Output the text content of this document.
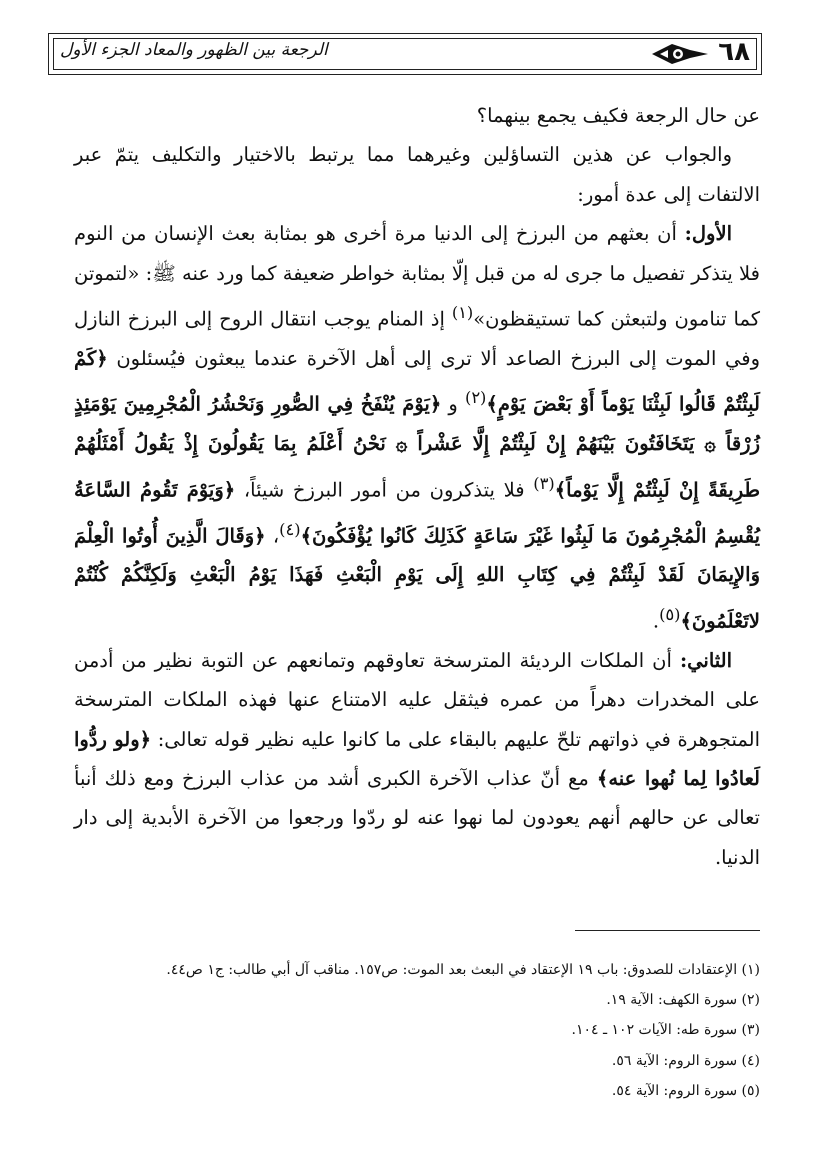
٦٨
الرجعة بين الظهور والمعاد الجزء الأول

عن حال الرجعة فكيف يجمع بينهما؟

والجواب عن هذين التساؤلين وغيرهما مما يرتبط بالاختيار والتكليف يتمّ عبر الالتفات إلى عدة أمور:

الأول: أن بعثهم من البرزخ إلى الدنيا مرة أخرى هو بمثابة بعث الإنسان من النوم فلا يتذكر تفصيل ما جرى له من قبل إلّا بمثابة خواطر ضعيفة كما ورد عنه ﷺ: «لتموتن كما تنامون ولتبعثن كما تستيقظون»$^{(١)}$ إذ المنام يوجب انتقال الروح إلى البرزخ النازل وفي الموت إلى البرزخ الصاعد ألا ترى إلى أهل الآخرة عندما يبعثون فيُسئلون ﴿كَمْ لَبِثْتُمْ قَالُوا لَبِثْنَا يَوْماً أَوْ بَعْضَ يَوْمٍ﴾$^{(٢)}$ و ﴿يَوْمَ يُنْفَخُ فِي الصُّورِ وَنَحْشُرُ الْمُجْرِمِينَ يَوْمَئِذٍ زُرْقاً ۞ يَتَخَافَتُونَ بَيْنَهُمْ إِنْ لَبِثْتُمْ إِلَّا عَشْراً ۞ نَحْنُ أَعْلَمُ بِمَا يَقُولُونَ إِذْ يَقُولُ أَمْثَلُهُمْ طَرِيقَةً إِنْ لَبِثْتُمْ إِلَّا يَوْماً﴾$^{(٣)}$ فلا يتذكرون من أمور البرزخ شيئاً، ﴿وَيَوْمَ تَقُومُ السَّاعَةُ يُقْسِمُ الْمُجْرِمُونَ مَا لَبِثُوا غَيْرَ سَاعَةٍ كَذَلِكَ كَانُوا يُؤْفَكُونَ﴾$^{(٤)}$، ﴿وَقَالَ الَّذِينَ أُوتُوا الْعِلْمَ وَالإِيمَانَ لَقَدْ لَبِثْتُمْ فِي كِتَابِ اللهِ إِلَى يَوْمِ الْبَعْثِ فَهَذَا يَوْمُ الْبَعْثِ وَلَكِنَّكُمْ كُنْتُمْ لاتَعْلَمُونَ﴾$^{(٥)}$.

الثاني: أن الملكات الرديئة المترسخة تعاوقهم وتمانعهم عن التوبة نظير من أدمن على المخدرات دهراً من عمره فيثقل عليه الامتناع عنها فهذه الملكات المترسخة المتجوهرة في ذواتهم تلحّ عليهم بالبقاء على ما كانوا عليه نظير قوله تعالى: ﴿ولو ردُّوا لَعادُوا لِما نُهوا عنه﴾ مع أنّ عذاب الآخرة الكبرى أشد من عذاب البرزخ ومع ذلك أنبأ تعالى عن حالهم أنهم يعودون لما نهوا عنه لو ردّوا ورجعوا من الآخرة الأبدية إلى دار الدنيا.

(١) الإعتقادات للصدوق: باب ١٩ الإعتقاد في البعث بعد الموت: ص١٥٧. مناقب آل أبي طالب: ج١ ص٤٤.
(٢) سورة الكهف: الآية ١٩.
(٣) سورة طه: الآيات ١٠٢ ـ ١٠٤.
(٤) سورة الروم: الآية ٥٦.
(٥) سورة الروم: الآية ٥٤.
